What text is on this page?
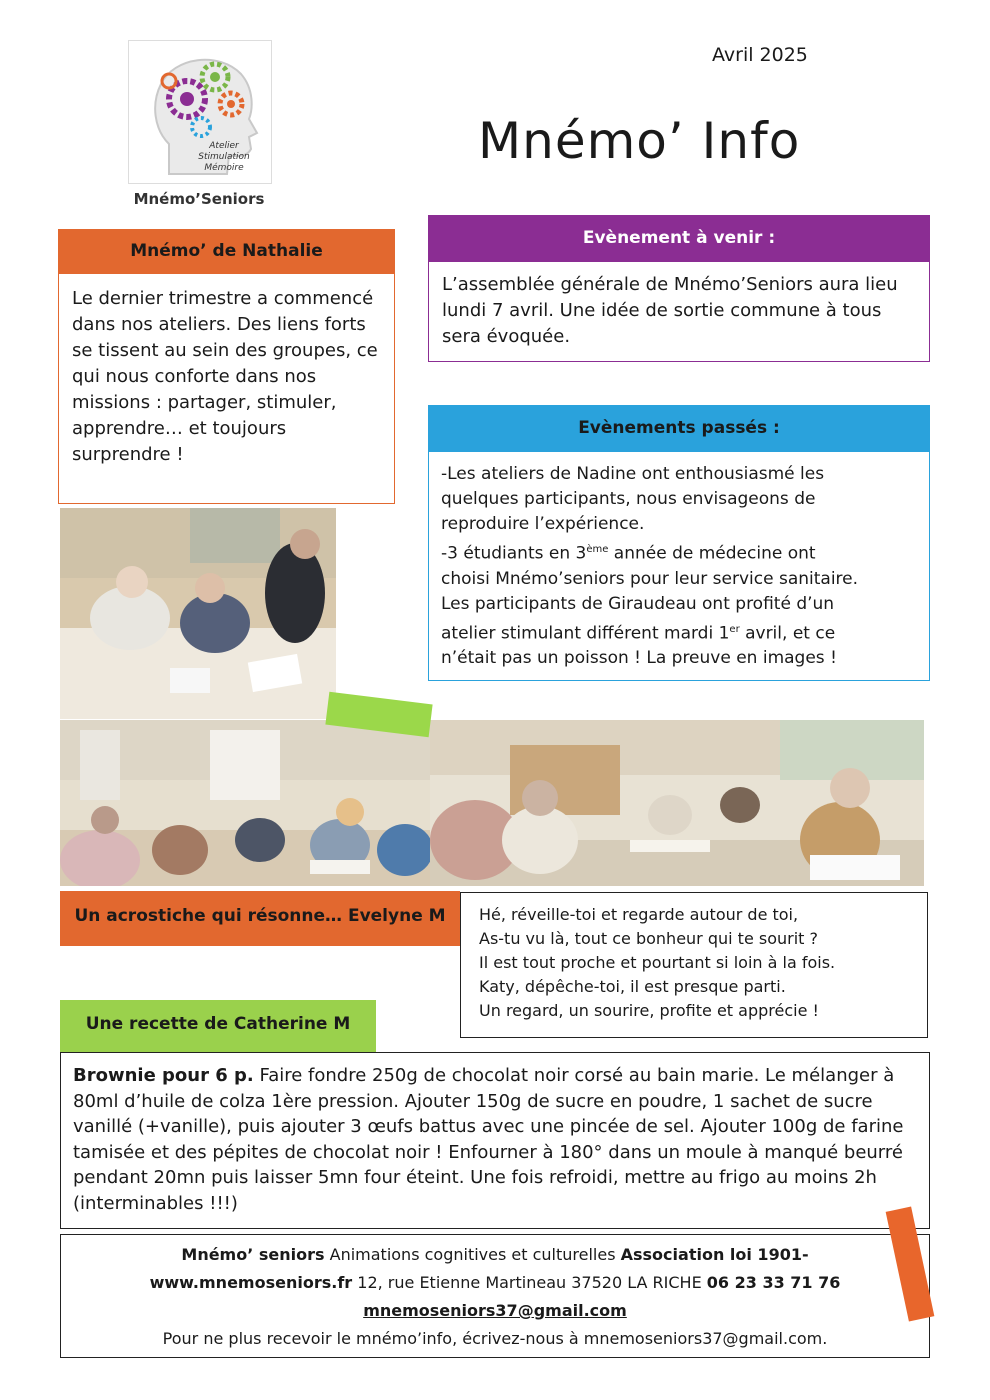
Atelier
Stimulation
Mémoire
Mnémo’Seniors
Avril 2025
Mnémo’ Info
Mnémo’ de Nathalie
Le dernier trimestre a commencé dans nos ateliers. Des liens forts se tissent au sein des groupes, ce qui nous conforte dans nos missions : partager, stimuler, apprendre… et toujours surprendre !
Evènement à venir :
L’assemblée générale de Mnémo’Seniors aura lieu lundi 7 avril. Une idée de sortie commune à tous sera évoquée.
Evènements passés :
-Les ateliers de Nadine ont enthousiasmé les
quelques participants, nous envisageons de
reproduire l’expérience.
-3 étudiants en 3ème année de médecine ont
choisi Mnémo’seniors pour leur service sanitaire.
Les participants de Giraudeau ont profité d’un
atelier stimulant différent mardi 1er avril, et ce
n’était pas un poisson ! La preuve en images !
Un acrostiche qui résonne… Evelyne M	Hé, réveille-toi et regarde autour de toi,
As-tu vu là, tout ce bonheur qui te sourit ?
Il est tout proche et pourtant si loin à la fois.
Katy, dépêche-toi, il est presque parti.
Un regard, un sourire, profite et apprécie !
Une recette de Catherine M
Brownie pour 6 p. Faire fondre 250g de chocolat noir corsé au bain marie. Le mélanger à 80ml d’huile de colza 1ère pression. Ajouter 150g de sucre en poudre, 1 sachet de sucre vanillé (+vanille), puis ajouter 3 œufs battus avec une pincée de sel. Ajouter 100g de farine tamisée et des pépites de chocolat noir ! Enfourner à 180° dans un moule à manqué beurré pendant 20mn puis laisser 5mn four éteint. Une fois refroidi, mettre au frigo au moins 2h (interminables !!!)
Mnémo’ seniors Animations cognitives et culturelles Association loi 1901-
www.mnemoseniors.fr 12, rue Etienne Martineau 37520 LA RICHE 06 23 33 71 76
mnemoseniors37@gmail.com
Pour ne plus recevoir le mnémo’info, écrivez-nous à mnemoseniors37@gmail.com.
